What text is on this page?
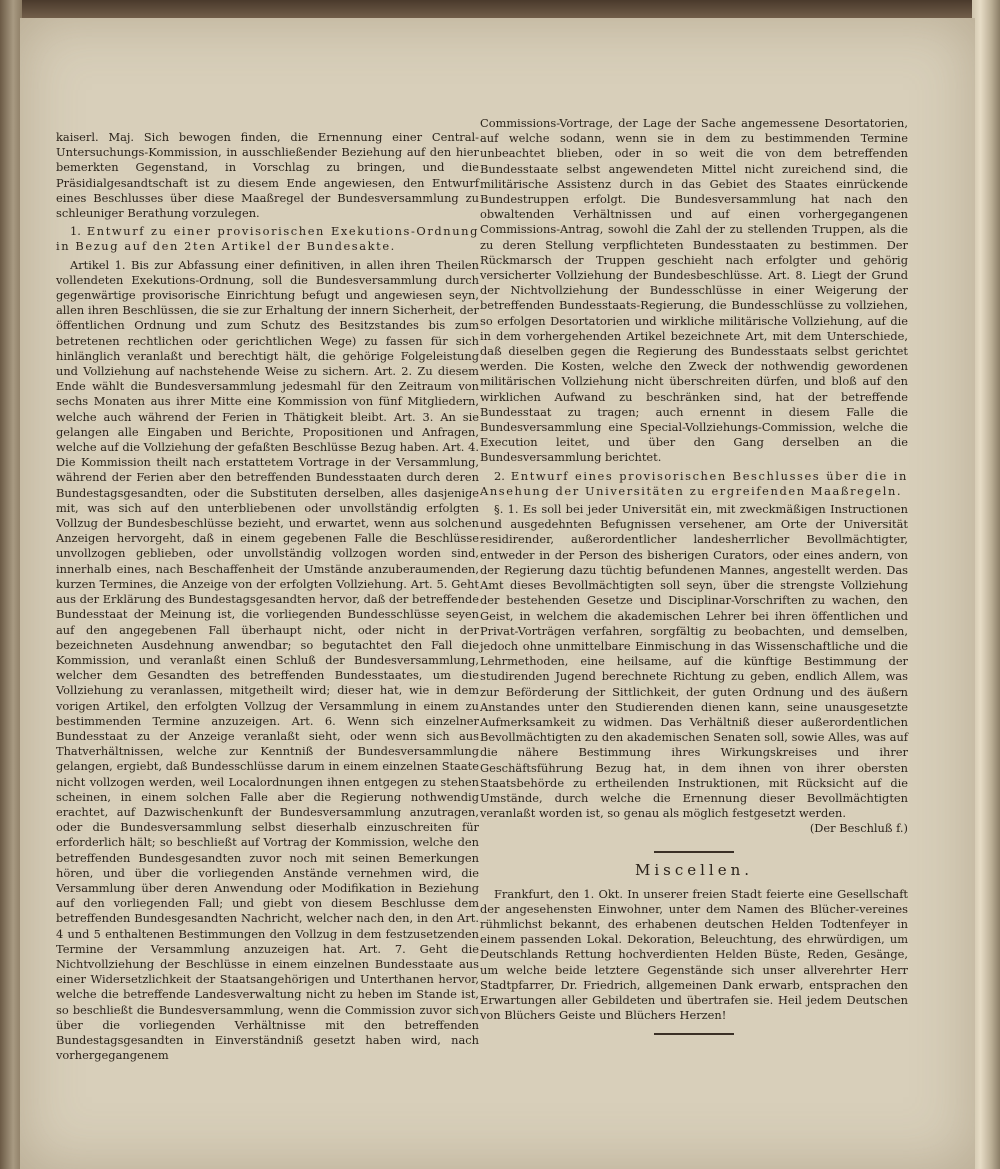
kaiserl. Maj. Sich bewogen finden, die Ernennung einer Central-Untersuchungs-Kommission, in ausschließender Beziehung auf den hier bemerkten Gegenstand, in Vorschlag zu bringen, und die Präsidialgesandtschaft ist zu diesem Ende angewiesen, den Entwurf eines Beschlusses über diese Maaßregel der Bundesversammlung zu schleuniger Berathung vorzulegen.

1. Entwurf zu einer provisorischen Exekutions-Ordnung in Bezug auf den 2ten Artikel der Bundesakte.

Artikel 1. Bis zur Abfassung einer definitiven, in allen ihren Theilen vollendeten Exekutions-Ordnung, soll die Bundesversammlung durch gegenwärtige provisorische Einrichtung befugt und angewiesen seyn, allen ihren Beschlüssen, die sie zur Erhaltung der innern Sicherheit, der öffentlichen Ordnung und zum Schutz des Besitzstandes bis zum betretenen rechtlichen oder gerichtlichen Wege) zu fassen für sich hinlänglich veranlaßt und berechtigt hält, die gehörige Folgeleistung und Vollziehung auf nachstehende Weise zu sichern. Art. 2. Zu diesem Ende wählt die Bundesversammlung jedesmahl für den Zeitraum von sechs Monaten aus ihrer Mitte eine Kommission von fünf Mitgliedern, welche auch während der Ferien in Thätigkeit bleibt. Art. 3. An sie gelangen alle Eingaben und Berichte, Propositionen und Anfragen, welche auf die Vollziehung der gefaßten Beschlüsse Bezug haben. Art. 4. Die Kommission theilt nach erstattetem Vortrage in der Versammlung, während der Ferien aber den betreffenden Bundesstaaten durch deren Bundestagsgesandten, oder die Substituten derselben, alles dasjenige mit, was sich auf den unterbliebenen oder unvollständig erfolgten Vollzug der Bundesbeschlüsse bezieht, und erwartet, wenn aus solchen Anzeigen hervorgeht, daß in einem gegebenen Falle die Beschlüsse unvollzogen geblieben, oder unvollständig vollzogen worden sind, innerhalb eines, nach Beschaffenheit der Umstände anzuberaumenden, kurzen Termines, die Anzeige von der erfolgten Vollziehung. Art. 5. Geht aus der Erklärung des Bundestagsgesandten hervor, daß der betreffende Bundesstaat der Meinung ist, die vorliegenden Bundesschlüsse seyen auf den angegebenen Fall überhaupt nicht, oder nicht in der bezeichneten Ausdehnung anwendbar; so begutachtet den Fall die Kommission, und veranlaßt einen Schluß der Bundesversammlung, welcher dem Gesandten des betreffenden Bundesstaates, um die Vollziehung zu veranlassen, mitgetheilt wird; dieser hat, wie in dem vorigen Artikel, den erfolgten Vollzug der Versammlung in einem zu bestimmenden Termine anzuzeigen. Art. 6. Wenn sich einzelner Bundesstaat zu der Anzeige veranlaßt sieht, oder wenn sich aus Thatverhältnissen, welche zur Kenntniß der Bundesversammlung gelangen, ergiebt, daß Bundesschlüsse darum in einem einzelnen Staate nicht vollzogen werden, weil Localordnungen ihnen entgegen zu stehen scheinen, in einem solchen Falle aber die Regierung nothwendig erachtet, auf Dazwischenkunft der Bundesversammlung anzutragen, oder die Bundesversammlung selbst dieserhalb einzuschreiten für erforderlich hält; so beschließt auf Vortrag der Kommission, welche den betreffenden Bundesgesandten zuvor noch mit seinen Bemerkungen hören, und über die vorliegenden Anstände vernehmen wird, die Versammlung über deren Anwendung oder Modifikation in Beziehung auf den vorliegenden Fall; und giebt von diesem Beschlusse dem betreffenden Bundesgesandten Nachricht, welcher nach den, in den Art. 4 und 5 enthaltenen Bestimmungen den Vollzug in dem festzusetzenden Termine der Versammlung anzuzeigen hat. Art. 7. Geht die Nichtvollziehung der Beschlüsse in einem einzelnen Bundesstaate aus einer Widersetzlichkeit der Staatsangehörigen und Unterthanen hervor, welche die betreffende Landesverwaltung nicht zu heben im Stande ist, so beschließt die Bundesversammlung, wenn die Commission zuvor sich über die vorliegenden Verhältnisse mit den betreffenden Bundestagsgesandten in Einverständniß gesetzt haben wird, nach vorhergegangenem

Commissions-Vortrage, der Lage der Sache angemessene Desortatorien, auf welche sodann, wenn sie in dem zu bestimmenden Termine unbeachtet blieben, oder in so weit die von dem betreffenden Bundesstaate selbst angewendeten Mittel nicht zureichend sind, die militärische Assistenz durch in das Gebiet des Staates einrückende Bundestruppen erfolgt. Die Bundesversammlung hat nach den obwaltenden Verhältnissen und auf einen vorhergegangenen Commissions-Antrag, sowohl die Zahl der zu stellenden Truppen, als die zu deren Stellung verpflichteten Bundesstaaten zu bestimmen. Der Rückmarsch der Truppen geschieht nach erfolgter und gehörig versicherter Vollziehung der Bundesbeschlüsse. Art. 8. Liegt der Grund der Nichtvollziehung der Bundesschlüsse in einer Weigerung der betreffenden Bundesstaats-Regierung, die Bundesschlüsse zu vollziehen, so erfolgen Desortatorien und wirkliche militärische Vollziehung, auf die in dem vorhergehenden Artikel bezeichnete Art, mit dem Unterschiede, daß dieselben gegen die Regierung des Bundesstaats selbst gerichtet werden. Die Kosten, welche den Zweck der nothwendig gewordenen militärischen Vollziehung nicht überschreiten dürfen, und bloß auf den wirklichen Aufwand zu beschränken sind, hat der betreffende Bundesstaat zu tragen; auch ernennt in diesem Falle die Bundesversammlung eine Special-Vollziehungs-Commission, welche die Execution leitet, und über den Gang derselben an die Bundesversammlung berichtet.

2. Entwurf eines provisorischen Beschlusses über die in Ansehung der Universitäten zu ergreifenden Maaßregeln.

§. 1. Es soll bei jeder Universität ein, mit zweckmäßigen Instructionen und ausgedehnten Befugnissen versehener, am Orte der Universität residirender, außerordentlicher landesherrlicher Bevollmächtigter, entweder in der Person des bisherigen Curators, oder eines andern, von der Regierung dazu tüchtig befundenen Mannes, angestellt werden. Das Amt dieses Bevollmächtigten soll seyn, über die strengste Vollziehung der bestehenden Gesetze und Disciplinar-Vorschriften zu wachen, den Geist, in welchem die akademischen Lehrer bei ihren öffentlichen und Privat-Vorträgen verfahren, sorgfältig zu beobachten, und demselben, jedoch ohne unmittelbare Einmischung in das Wissenschaftliche und die Lehrmethoden, eine heilsame, auf die künftige Bestimmung der studirenden Jugend berechnete Richtung zu geben, endlich Allem, was zur Beförderung der Sittlichkeit, der guten Ordnung und des äußern Anstandes unter den Studierenden dienen kann, seine unausgesetzte Aufmerksamkeit zu widmen. Das Verhältniß dieser außerordentlichen Bevollmächtigten zu den akademischen Senaten soll, sowie Alles, was auf die nähere Bestimmung ihres Wirkungskreises und ihrer Geschäftsführung Bezug hat, in dem ihnen von ihrer obersten Staatsbehörde zu ertheilenden Instruktionen, mit Rücksicht auf die Umstände, durch welche die Ernennung dieser Bevollmächtigten veranlaßt worden ist, so genau als möglich festgesetzt werden.
(Der Beschluß f.)

Miscellen.

Frankfurt, den 1. Okt. In unserer freien Stadt feierte eine Gesellschaft der angesehensten Einwohner, unter dem Namen des Blücher-vereines rühmlichst bekannt, des erhabenen deutschen Helden Todtenfeyer in einem passenden Lokal. Dekoration, Beleuchtung, des ehrwürdigen, um Deutschlands Rettung hochverdienten Helden Büste, Reden, Gesänge, um welche beide letztere Gegenstände sich unser allverehrter Herr Stadtpfarrer, Dr. Friedrich, allgemeinen Dank erwarb, entsprachen den Erwartungen aller Gebildeten und übertrafen sie. Heil jedem Deutschen von Blüchers Geiste und Blüchers Herzen!
